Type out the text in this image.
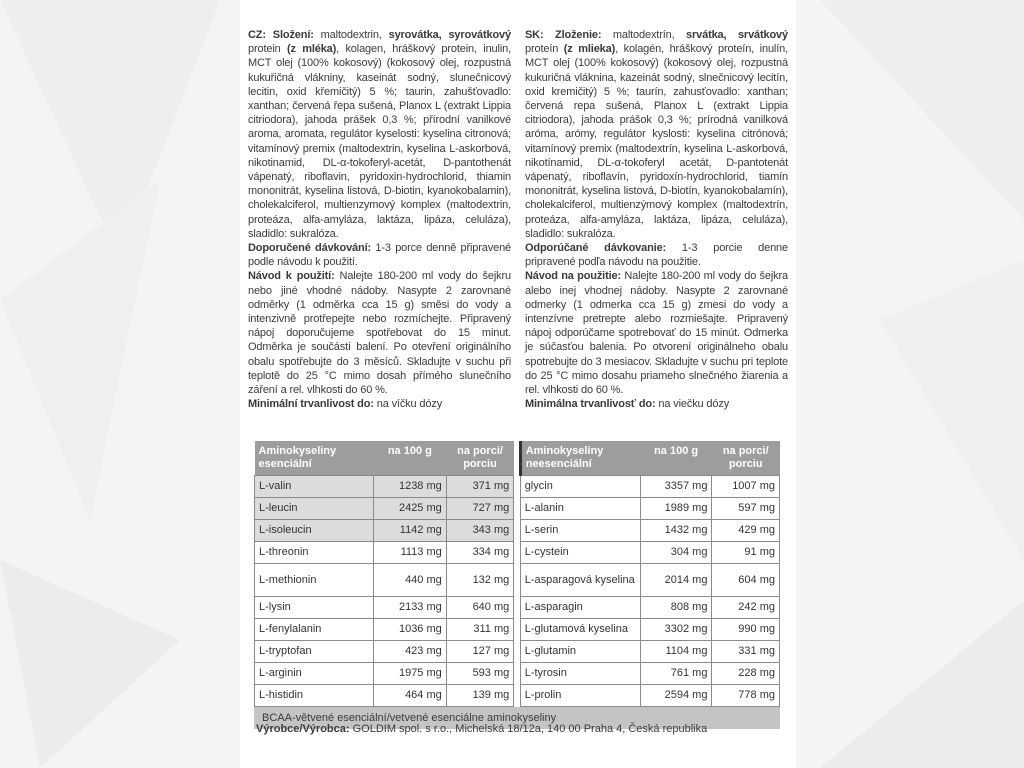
CZ: Složení: maltodextrin, syrovátka, syrovátkový protein (z mléka), kolagen, hráškový protein, inulin, MCT olej (100% kokosový) (kokosový olej, rozpustná kukuřičná vlákniny, kaseinát sodný, slunečnicový lecitin, oxid křemičitý) 5 %; taurin, zahušťovadlo: xanthan; červená řepa sušená, Planox L (extrakt Lippia citriodora), jahoda prášek 0,3 %; přírodní vanilkové aroma, aromata, regulátor kyselosti: kyselina citronová; vitamínový premix (maltodextrin, kyselina L-askorbová, nikotinamid, DL-α-tokoferyl-acetát, D-pantothenát vápenatý, riboflavin, pyridoxin-hydrochlorid, thiamin mononitrát, kyselina listová, D-biotin, kyanokobalamin), cholekalciferol, multienzymový komplex (maltodextrin, proteáza, alfa-amyláza, laktáza, lipáza, celuláza), sladidlo: sukralóza.

Doporučené dávkování: 1-3 porce denně připravené podle návodu k použití.

Návod k použití: Nalejte 180-200 ml vody do šejkru nebo jiné vhodné nádoby. Nasypte 2 zarovnané odměrky (1 odměrka cca 15 g) směsi do vody a intenzivně protřepejte nebo rozmíchejte. Připravený nápoj doporučujeme spotřebovat do 15 minut. Odměrka je součástí balení. Po otevření originálního obalu spotřebujte do 3 měsíců. Skladujte v suchu při teplotě do 25 °C mimo dosah přímého slunečního záření a rel. vlhkosti do 60 %.

Minimální trvanlivost do: na víčku dózy

SK: Zloženie: maltodextrín, srvátka, srvátkový proteín (z mlieka), kolagén, hráškový proteín, inulín, MCT olej (100% kokosový) (kokosový olej, rozpustná kukuričná vláknina, kazeinát sodný, slnečnicový lecitín, oxid kremičitý) 5 %; taurín, zahusťovadlo: xanthan; červená repa sušená, Planox L (extrakt Lippia citriodora), jahoda prášok 0,3 %; prírodná vanilková aróma, arómy, regulátor kyslosti: kyselina citrónová; vitamínový premix (maltodextrín, kyselina L-askorbová, nikotínamid, DL-α-tokoferyl acetát, D-pantotenát vápenatý, riboflavín, pyridoxín-hydrochlorid, tiamín mononitrát, kyselina listová, D-biotín, kyanokobalamín), cholekalciferol, multienzýmový komplex (maltodextrín, proteáza, alfa-amyláza, laktáza, lipáza, celuláza), sladidlo: sukralóza.

Odporúčané dávkovanie: 1-3 porcie denne pripravené podľa návodu na použitie.

Návod na použitie: Nalejte 180-200 ml vody do šejkra alebo inej vhodnej nádoby. Nasypte 2 zarovnané odmerky (1 odmerka cca 15 g) zmesi do vody a intenzívne pretrepte alebo rozmiešajte. Pripravený nápoj odporúčame spotrebovať do 15 minút. Odmerka je súčasťou balenia. Po otvorení originálneho obalu spotrebujte do 3 mesiacov. Skladujte v suchu pri teplote do 25 °C mimo dosahu priameho slnečného žiarenia a rel. vlhkosti do 60 %.

Minimálna trvanlivosť do: na viečku dózy

Aminokyseliny esenciální	na 100 g	na porci/ porciu		Aminokyseliny neesenciální	na 100 g	na porci/ porciu
L-valin	1238 mg	371 mg		glycin	3357 mg	1007 mg
L-leucin	2425 mg	727 mg		L-alanin	1989 mg	597 mg
L-isoleucin	1142 mg	343 mg		L-serin	1432 mg	429 mg
L-threonin	1113 mg	334 mg		L-cystein	304 mg	91 mg
L-methionin	440 mg	132 mg		L-asparagová kyselina	2014 mg	604 mg
L-lysin	2133 mg	640 mg		L-asparagin	808 mg	242 mg
L-fenylalanin	1036 mg	311 mg		L-glutamová kyselina	3302 mg	990 mg
L-tryptofan	423 mg	127 mg		L-glutamin	1104 mg	331 mg
L-arginin	1975 mg	593 mg		L-tyrosin	761 mg	228 mg
L-histidin	464 mg	139 mg		L-prolin	2594 mg	778 mg
BCAA-větvené esenciální/vetvené esenciálne aminokyseliny
Výrobce/Výrobca: GOLDIM spol. s r.o., Michelská 18/12a, 140 00 Praha 4, Česká republika
